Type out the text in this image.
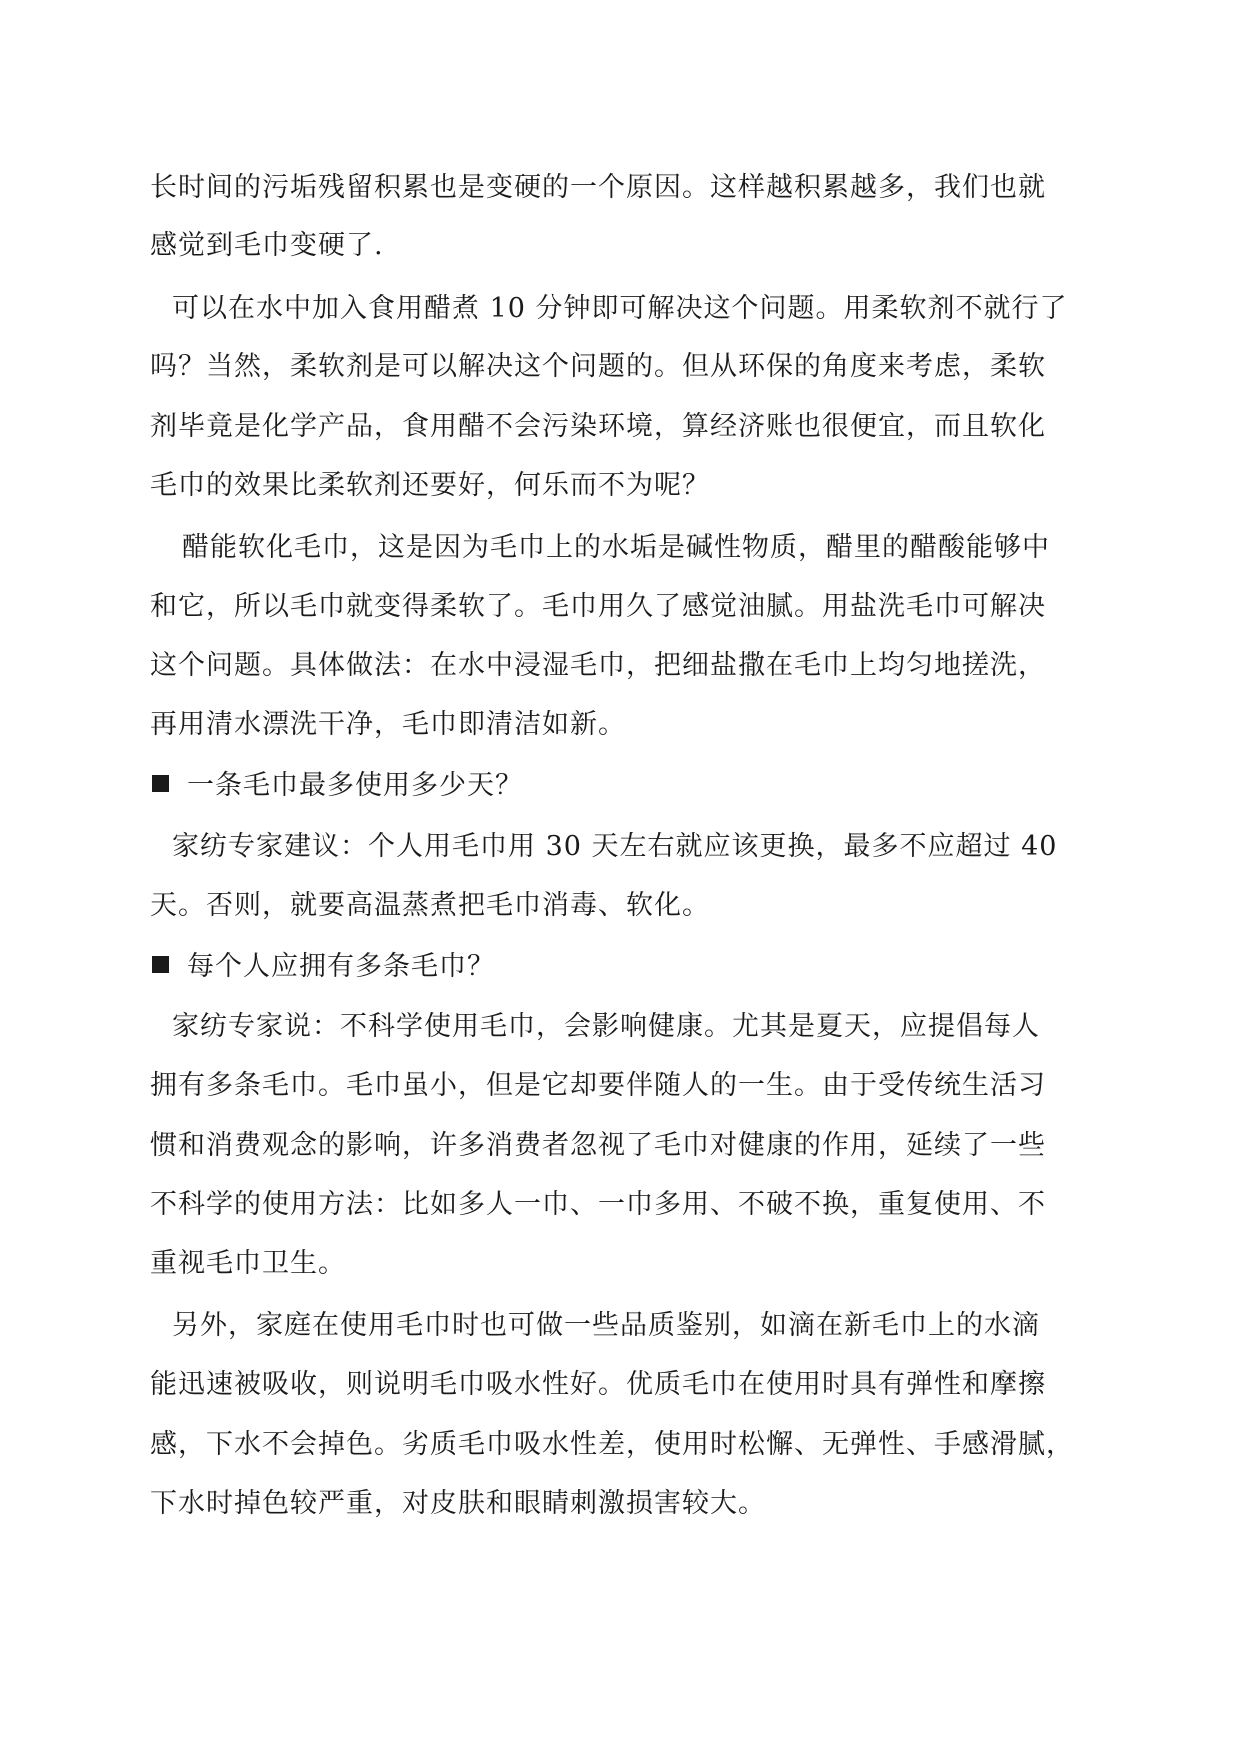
长时间的污垢残留积累也是变硬的一个原因。这样越积累越多，我们也就
感觉到毛巾变硬了.
可以在水中加入食用醋煮 10 分钟即可解决这个问题。用柔软剂不就行了
吗？当然，柔软剂是可以解决这个问题的。但从环保的角度来考虑，柔软
剂毕竟是化学产品，食用醋不会污染环境，算经济账也很便宜，而且软化
毛巾的效果比柔软剂还要好，何乐而不为呢？
醋能软化毛巾，这是因为毛巾上的水垢是碱性物质，醋里的醋酸能够中
和它，所以毛巾就变得柔软了。毛巾用久了感觉油腻。用盐洗毛巾可解决
这个问题。具体做法：在水中浸湿毛巾，把细盐撒在毛巾上均匀地搓洗，
再用清水漂洗干净，毛巾即清洁如新。
一条毛巾最多使用多少天？
家纺专家建议：个人用毛巾用 30 天左右就应该更换，最多不应超过 40
天。否则，就要高温蒸煮把毛巾消毒、软化。
每个人应拥有多条毛巾？
家纺专家说：不科学使用毛巾，会影响健康。尤其是夏天，应提倡每人
拥有多条毛巾。毛巾虽小，但是它却要伴随人的一生。由于受传统生活习
惯和消费观念的影响，许多消费者忽视了毛巾对健康的作用，延续了一些
不科学的使用方法：比如多人一巾、一巾多用、不破不换，重复使用、不
重视毛巾卫生。
另外，家庭在使用毛巾时也可做一些品质鉴别，如滴在新毛巾上的水滴
能迅速被吸收，则说明毛巾吸水性好。优质毛巾在使用时具有弹性和摩擦
感，下水不会掉色。劣质毛巾吸水性差，使用时松懈、无弹性、手感滑腻，
下水时掉色较严重，对皮肤和眼睛刺激损害较大。
